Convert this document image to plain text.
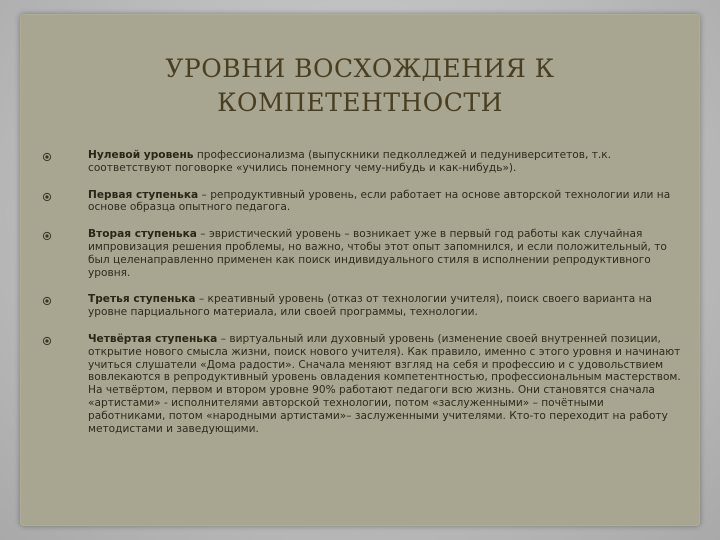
УРОВНИ ВОСХОЖДЕНИЯ К
КОМПЕТЕНТНОСТИ
Нулевой уровень профессионализма (выпускники педколледжей и педуниверситетов, т.к. соответствуют поговорке «учились понемногу чему-нибудь и как-нибудь»).
Первая ступенька – репродуктивный уровень, если работает на основе авторской технологии или на основе образца опытного педагога.
Вторая ступенька – эвристический уровень – возникает уже в первый год работы как случайная импровизация решения проблемы, но важно, чтобы этот опыт запомнился, и если положительный, то был целенаправленно применен как поиск индивидуального стиля в исполнении репродуктивного уровня.
Третья ступенька – креативный уровень (отказ от технологии учителя), поиск своего варианта на уровне парциального материала, или своей программы, технологии.
Четвёртая ступенька – виртуальный или духовный уровень (изменение своей внутренней позиции, открытие нового смысла жизни, поиск нового учителя). Как правило, именно с этого уровня и начинают учиться слушатели «Дома радости». Сначала меняют взгляд на себя и профессию и с удовольствием вовлекаются в репродуктивный уровень овладения компетентностью, профессиональным мастерством. На четвёртом, первом и втором уровне 90% работают педагоги всю жизнь. Они становятся сначала «артистами» - исполнителями авторской технологии, потом «заслуженными» – почётными работниками, потом «народными артистами»– заслуженными учителями. Кто-то переходит на работу методистами и заведующими.
